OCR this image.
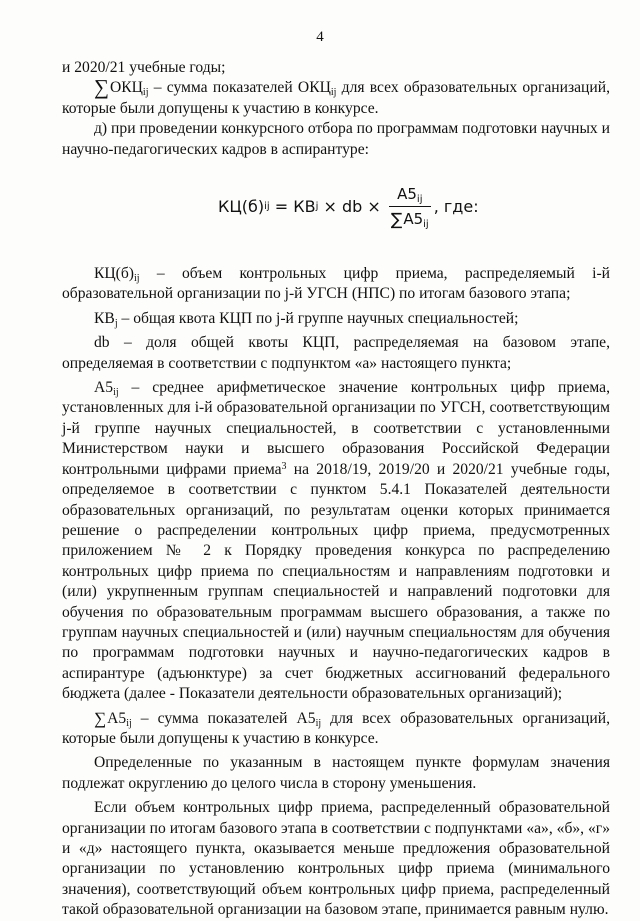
4

и 2020/21 учебные годы;

$\sum ОКЦ_{ij}$ – сумма показателей $ОКЦ_{ij}$ для всех образовательных организаций, которые были допущены к участию в конкурсе.

д) при проведении конкурсного отбора по программам подготовки научных и научно-педагогических кадров в аспирантуре:

КЦ(б) ij = КВ j × db × $\frac{А5_{ij}}{\sum А5_{ij}}$ , где:

$КЦ(б)_{ij}$ – объем контрольных цифр приема, распределяемый i-й образовательной организации по j-й УГСН (НПС) по итогам базового этапа;

$КВ_j$ – общая квота КЦП по j-й группе научных специальностей;

db – доля общей квоты КЦП, распределяемая на базовом этапе, определяемая в соответствии с подпунктом «а» настоящего пункта;

$А5_{ij}$ – среднее арифметическое значение контрольных цифр приема, установленных для i-й образовательной организации по УГСН, соответствующим j-й группе научных специальностей, в соответствии с установленными Министерством науки и высшего образования Российской Федерации контрольными цифрами приема$^3$ на 2018/19, 2019/20 и 2020/21 учебные годы, определяемое в соответствии с пунктом 5.4.1 Показателей деятельности образовательных организаций, по результатам оценки которых принимается решение о распределении контрольных цифр приема, предусмотренных приложением № 2 к Порядку проведения конкурса по распределению контрольных цифр приема по специальностям и направлениям подготовки и (или) укрупненным группам специальностей и направлений подготовки для обучения по образовательным программам высшего образования, а также по группам научных специальностей и (или) научным специальностям для обучения по программам подготовки научных и научно-педагогических кадров в аспирантуре (адъюнктуре) за счет бюджетных ассигнований федерального бюджета (далее - Показатели деятельности образовательных организаций);

$\sum А5_{ij}$ – сумма показателей $А5_{ij}$ для всех образовательных организаций, которые были допущены к участию в конкурсе.

Определенные по указанным в настоящем пункте формулам значения подлежат округлению до целого числа в сторону уменьшения.

Если объем контрольных цифр приема, распределенный образовательной организации по итогам базового этапа в соответствии с подпунктами «а», «б», «г» и «д» настоящего пункта, оказывается меньше предложения образовательной организации по установлению контрольных цифр приема (минимального значения), соответствующий объем контрольных цифр приема, распределенный такой образовательной организации на базовом этапе, принимается равным нулю.
